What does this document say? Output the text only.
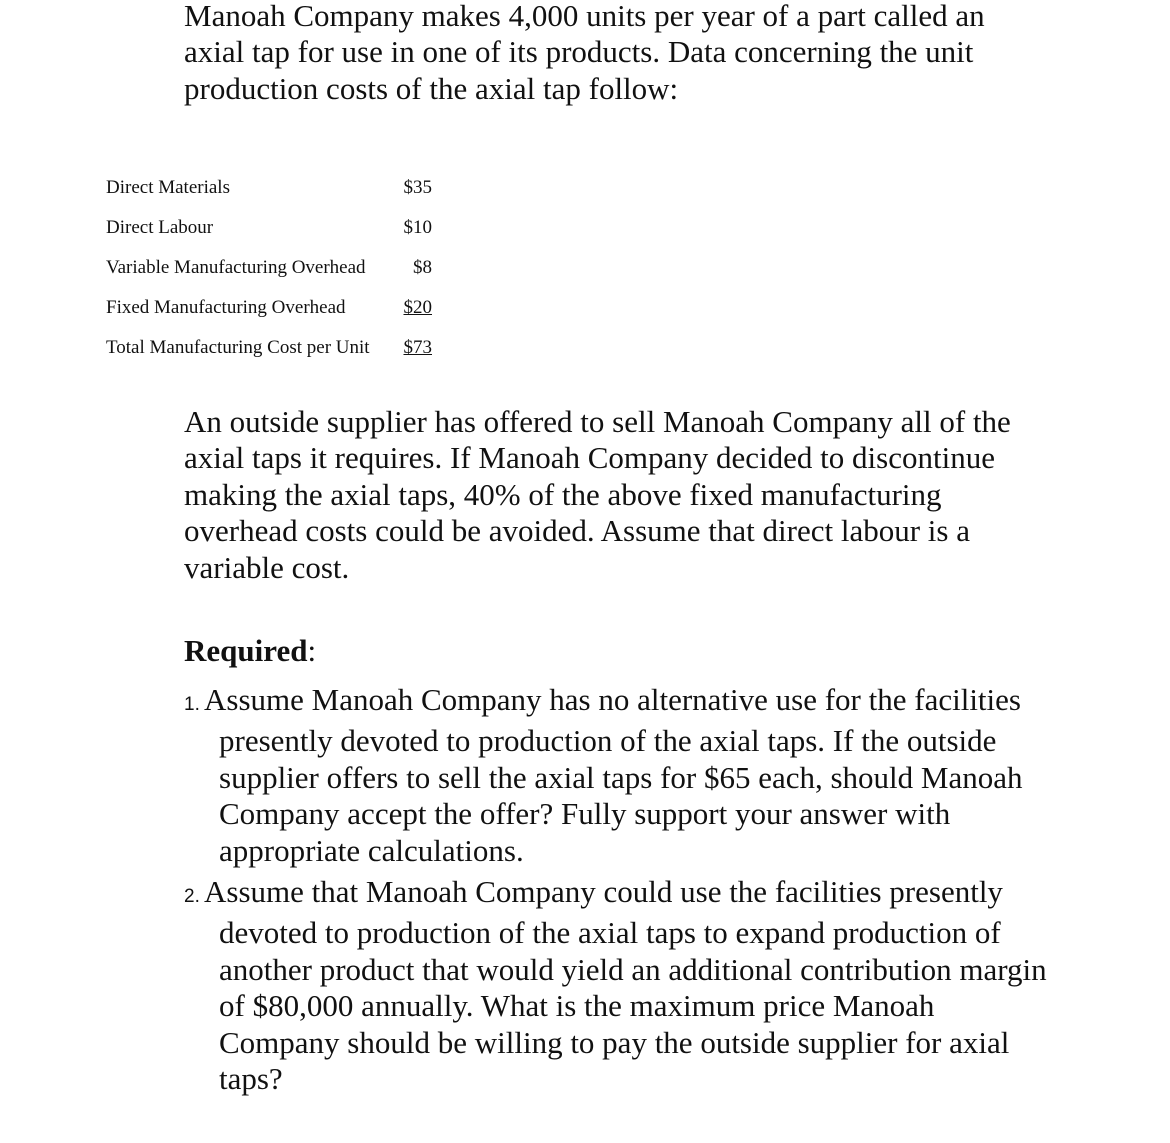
Manoah Company makes 4,000 units per year of a part called an
axial tap for use in one of its products. Data concerning the unit
production costs of the axial tap follow:

Direct Materials	$35
Direct Labour	$10
Variable Manufacturing Overhead	$8
Fixed Manufacturing Overhead	$20
Total Manufacturing Cost per Unit	$73

An outside supplier has offered to sell Manoah Company all of the
axial taps it requires. If Manoah Company decided to discontinue
making the axial taps, 40% of the above fixed manufacturing
overhead costs could be avoided. Assume that direct labour is a
variable cost.

Required:
1. Assume Manoah Company has no alternative use for the facilities
presently devoted to production of the axial taps. If the outside
supplier offers to sell the axial taps for $65 each, should Manoah
Company accept the offer? Fully support your answer with
appropriate calculations.
2. Assume that Manoah Company could use the facilities presently
devoted to production of the axial taps to expand production of
another product that would yield an additional contribution margin
of $80,000 annually. What is the maximum price Manoah
Company should be willing to pay the outside supplier for axial
taps?
